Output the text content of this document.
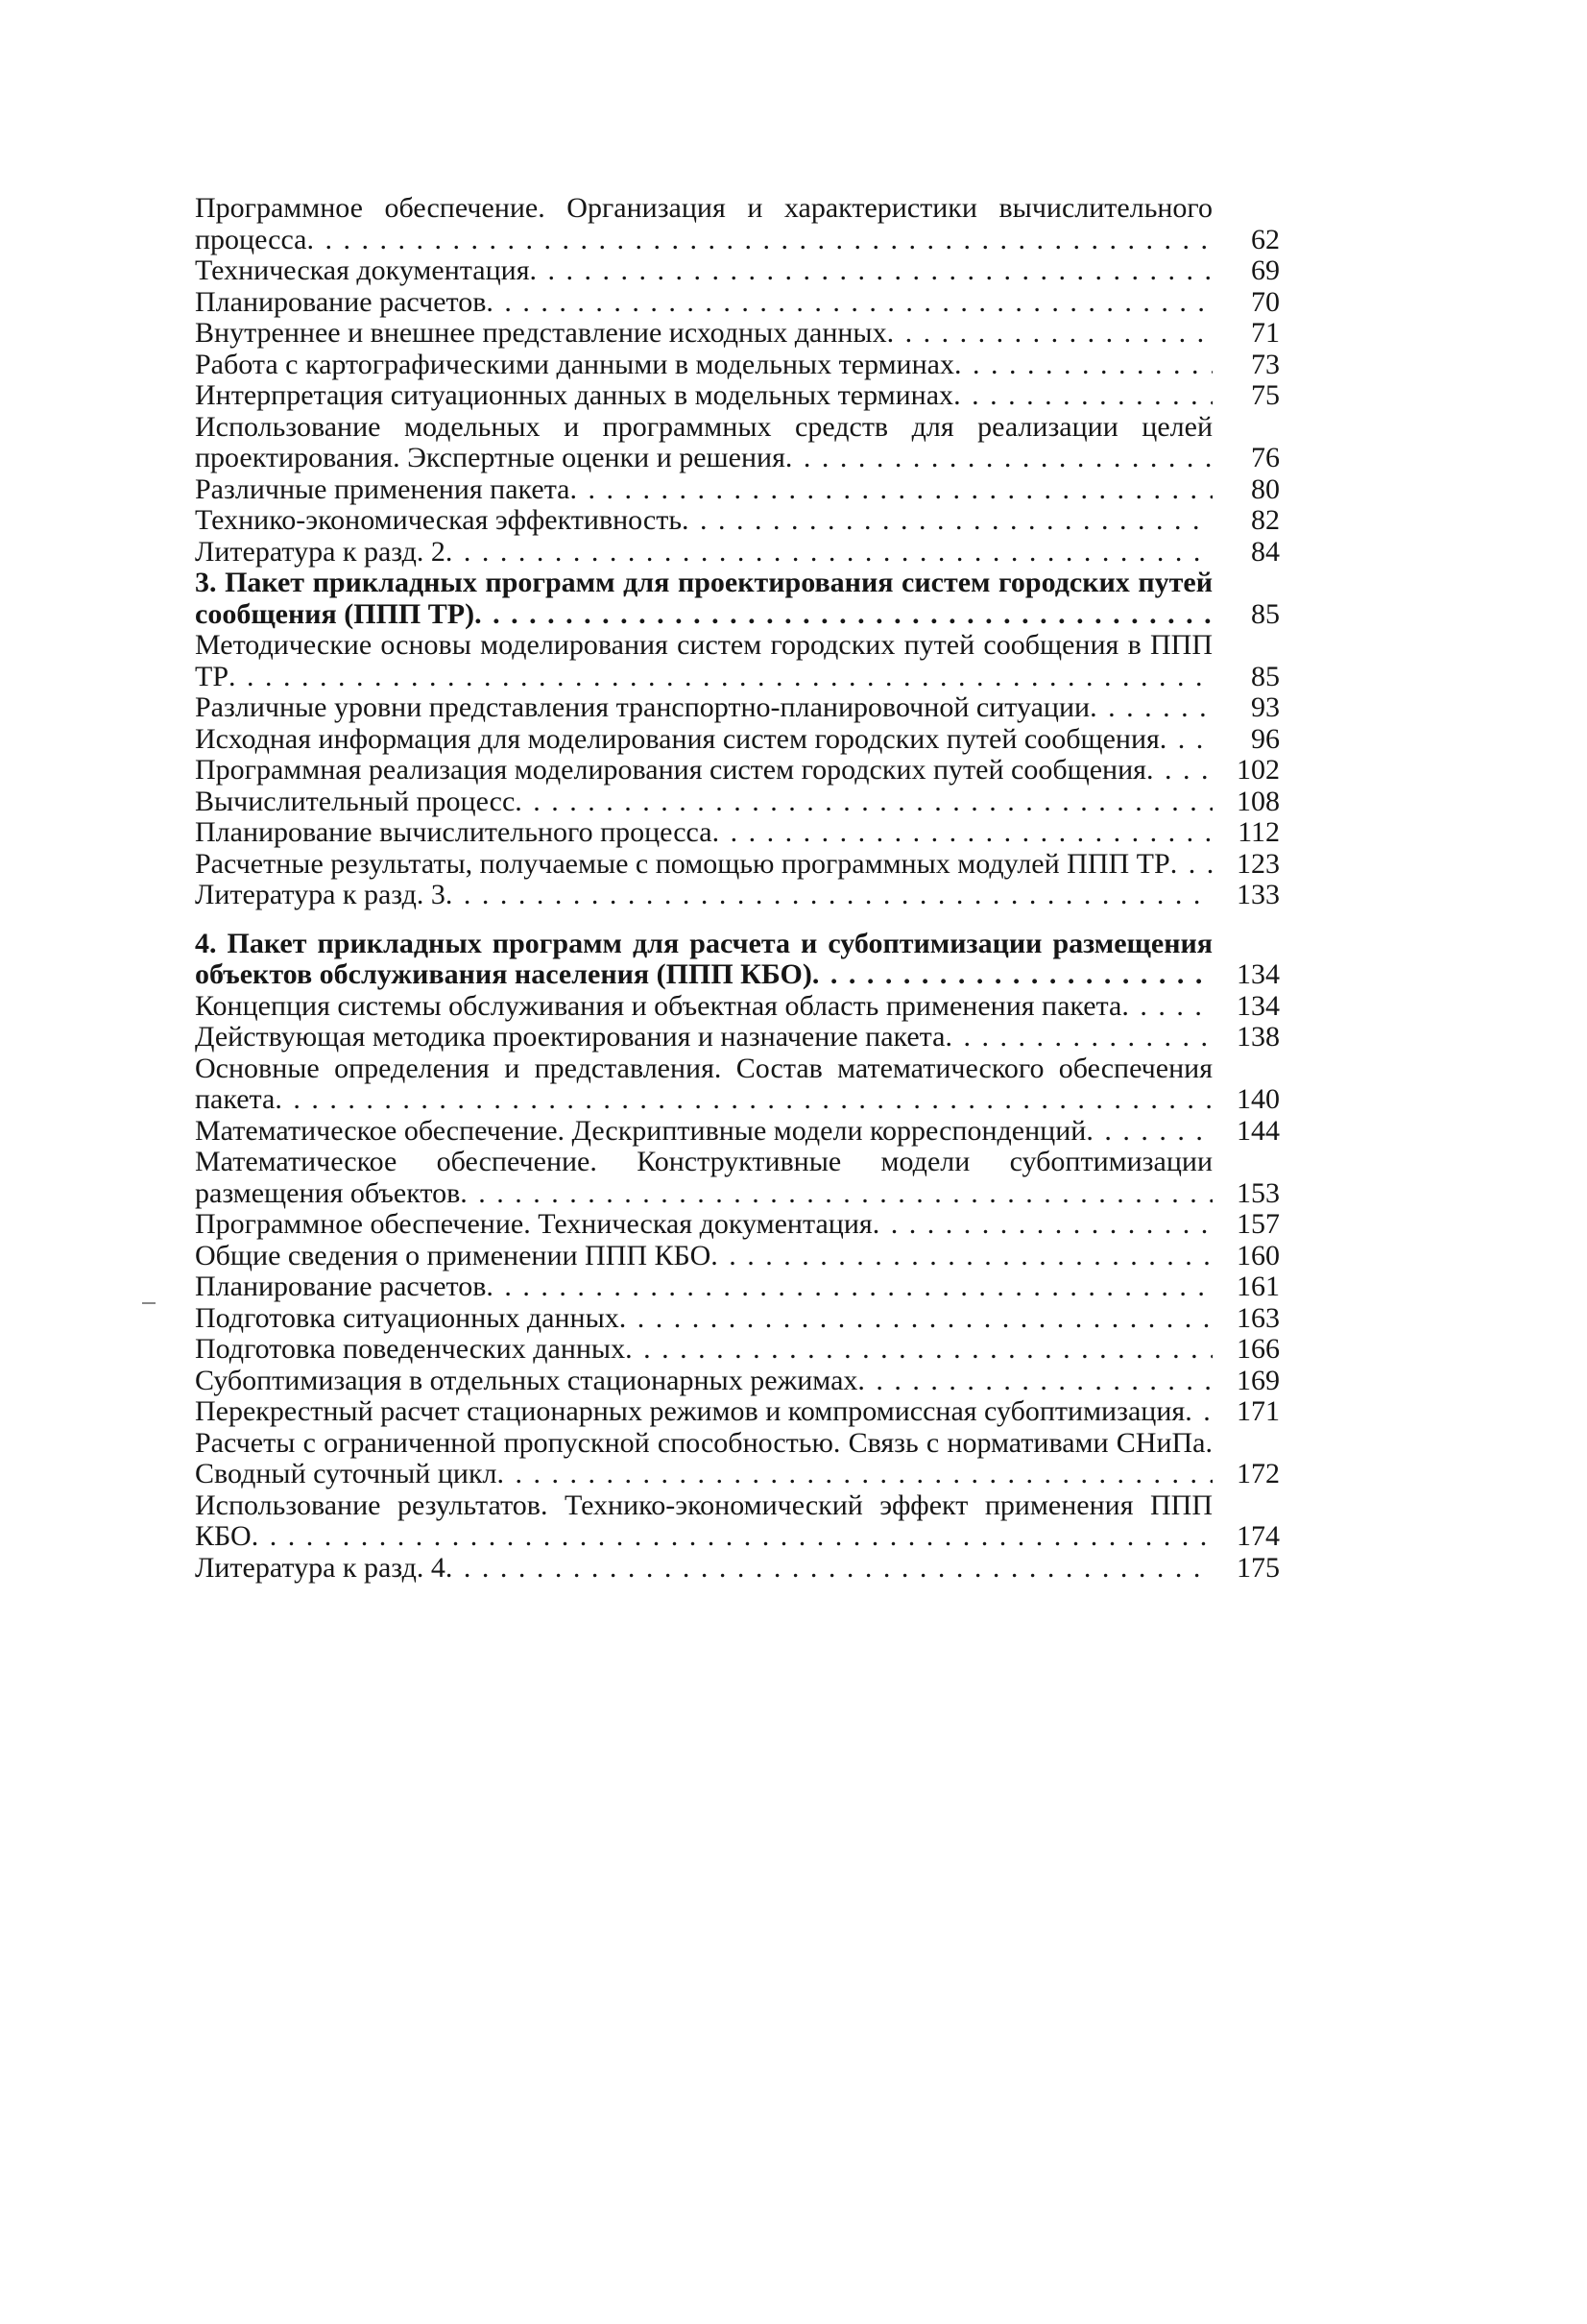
Программное обеспечение. Организация и характеристики вычислительного процесса . . .	62
Техническая документация . . .	69
Планирование расчетов . . .	70
Внутреннее и внешнее представление исходных данных . . .	71
Работа с картографическими данными в модельных терминах . . .	73
Интерпретация ситуационных данных в модельных терминах . . .	75
Использование модельных и программных средств для реализации целей проектирования. Экспертные оценки и решения . . .	76
Различные применения пакета . . .	80
Технико-экономическая эффективность . . .	82
Литература к разд. 2 . . .	84
3. Пакет прикладных программ для проектирования систем городских путей сообщения (ППП ТР) . . .	85
Методические основы моделирования систем городских путей сообщения в ППП ТР . . .	85
Различные уровни представления транспортно-планировочной ситуации . . .	93
Исходная информация для моделирования систем городских путей сообщения . . .	96
Программная реализация моделирования систем городских путей сообщения . . .	102
Вычислительный процесс . . .	108
Планирование вычислительного процесса . . .	112
Расчетные результаты, получаемые с помощью программных модулей ППП ТР . . .	123
Литература к разд. 3 . . .	133
4. Пакет прикладных программ для расчета и субоптимизации размещения объектов обслуживания населения (ППП КБО) . . .	134
Концепция системы обслуживания и объектная область применения пакета . . .	134
Действующая методика проектирования и назначение пакета . . .	138
Основные определения и представления. Состав математического обеспечения пакета . . .	140
Математическое обеспечение. Дескриптивные модели корреспонденций . . .	144
Математическое обеспечение. Конструктивные модели субоптимизации размещения объектов . . .	153
Программное обеспечение. Техническая документация . . .	157
Общие сведения о применении ППП КБО . . .	160
Планирование расчетов . . .	161
Подготовка ситуационных данных . . .	163
Подготовка поведенческих данных . . .	166
Субоптимизация в отдельных стационарных режимах . . .	169
Перекрестный расчет стационарных режимов и компромиссная субоптимизация . . .	171
Расчеты с ограниченной пропускной способностью. Связь с нормативами СНиПа. Сводный суточный цикл . . .	172
Использование результатов. Технико-экономический эффект применения ППП КБО . . .	174
Литература к разд. 4 . . .	175
